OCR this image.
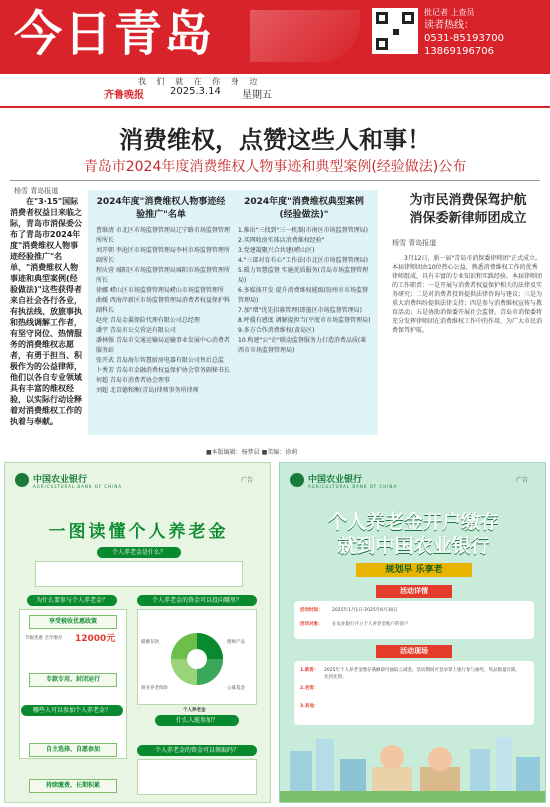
今日青岛	批记者 上查员
读者热线：
0531-85193700
13869196706
我 们 就 在 你 身 边
齐鲁晚报	2025.3.14 星期五
消费维权，点赞这些人和事！
青岛市2024年度消费维权人物事迹和典型案例(经验做法)公布
杨雪 青岛报道
在"3·15"国际消费者权益日来临之际，青岛市消保委公布了青岛市2024年度"消费维权人物事迹经验推广"名单、"消费维权人物事迹和典型案例(经验做法)"这些获得者来自社会各行各业，有执法线、放旅事执和热线调解工作者，有坚守岗位、热情服务的消费维权志愿者，有勇于担当、积极作为的公益律师，他们以各自专业领域具有丰富的维权经验，以实际行动诠释着对消费维权工作的执着与奉献。
2024年度"消费维权人物事迹经验推广"名单
曹维清 市北区市场监督管理局辽宁路市场监督管理所所长
刘开朝 李沧区市场监督管理局李村市场监督管理所副所长
程庆营 城阳区市场监督管理局城阳市场监督管理所所长
徐娜 崂山区市场监督管理局崂山市场监督管理所
曲媛 西海岸新区市场监督管理局消费者权益保护科副科长
赵亮 青岛金翼保险代理有限公司总经理
潘宇 青岛市公交营运有限公司
潘林强 青岛市交通运输局运输事业发展中心消费者服务站
张开武 青岛海尔智慧厨房电器有限公司售后总监
卜秀芳 青岛市金融消费权益保护协会常务副秘书长
何超 青岛市消费者协会理事
刘超 北京德和衡(青岛)律师事务所律师
2024年度"消费维权典型案例(经验做法)"
1.推出"三找到"三一机制(市南区市场监督管理局)
2.买网收房实体店消费维权经验"
3.党建凝聚兴合共建(崂山区)
4."三部对育有心"工作法(市北区市场监督管理局)
5.暖力智慧监督 实施优质服务(青岛市场监督管理局)
6.多媒体开发 提升消费维权能级(胶州市市场监督管理局)
7.加"增"优先招募管理(即墨区市场监督管理局)
8.呼援有感度 调解提担当(平度市市场监督管理局)
9.多方合作消费维权(黄岛区)
10.构建"公"企"联动监督服务力打造消费品质(莱西市市场监督管理局)
为市民消费保驾护航
消保委新律师团成立
杨雪 青岛报道
3月12日，新一届"青岛市消保委律师团"正式成立。本届律师团由10位热心公益、熟悉消费维权工作的优秀律师组成，具有丰富的专业知识和实践经验。本届律师团的工作职责：一是开展与消费者权益保护相关的法律及实务研究；二是对消费者投诉提供法律咨询与建议；三是为重大消费纠纷提供法律支持；四是参与消费维权宣传与教育活动；五是协助消保委开展社会监督。青岛市消保委将充分发挥律师团在消费维权工作中的作用，为广大市民消费保驾护航。
■本版编辑：杨梦晨 ■美编：徐莉
中国农业银行
AGRICULTURAL BANK OF CHINA
广告
一图读懂个人养老金
个人养老金是什么？
为什么要参与个人养老金？
享受税收优惠政策
节税优惠 全年缴存 12000元
专款专用、封闭运行
哪些人可以参加个人养老金？
自主选择、自愿参加
个人养老金的资金可以投向哪里？
个人养老金
储蓄存款	理财产品
商业养老保险	公募基金
什么人能参加？
个人养老金的资金可以领取吗？
持续缴费、长期积累
中国农业银行
AGRICULTURAL BANK OF CHINA
广告
个人养老金开户缴存
就到中国农业银行
规划早 乐享老
活动详情
活动时间： 2025年1月1日-2025年6月30日
活动对象： 在农业银行开立个人养老金账户的客户
活动现场
1.新客：
2.老客：
3.其他：
2025年个人养老金缴存满额即可抽取立减金，活动期间可登录掌上银行参与抽奖，奖品数量有限，先到先得。
